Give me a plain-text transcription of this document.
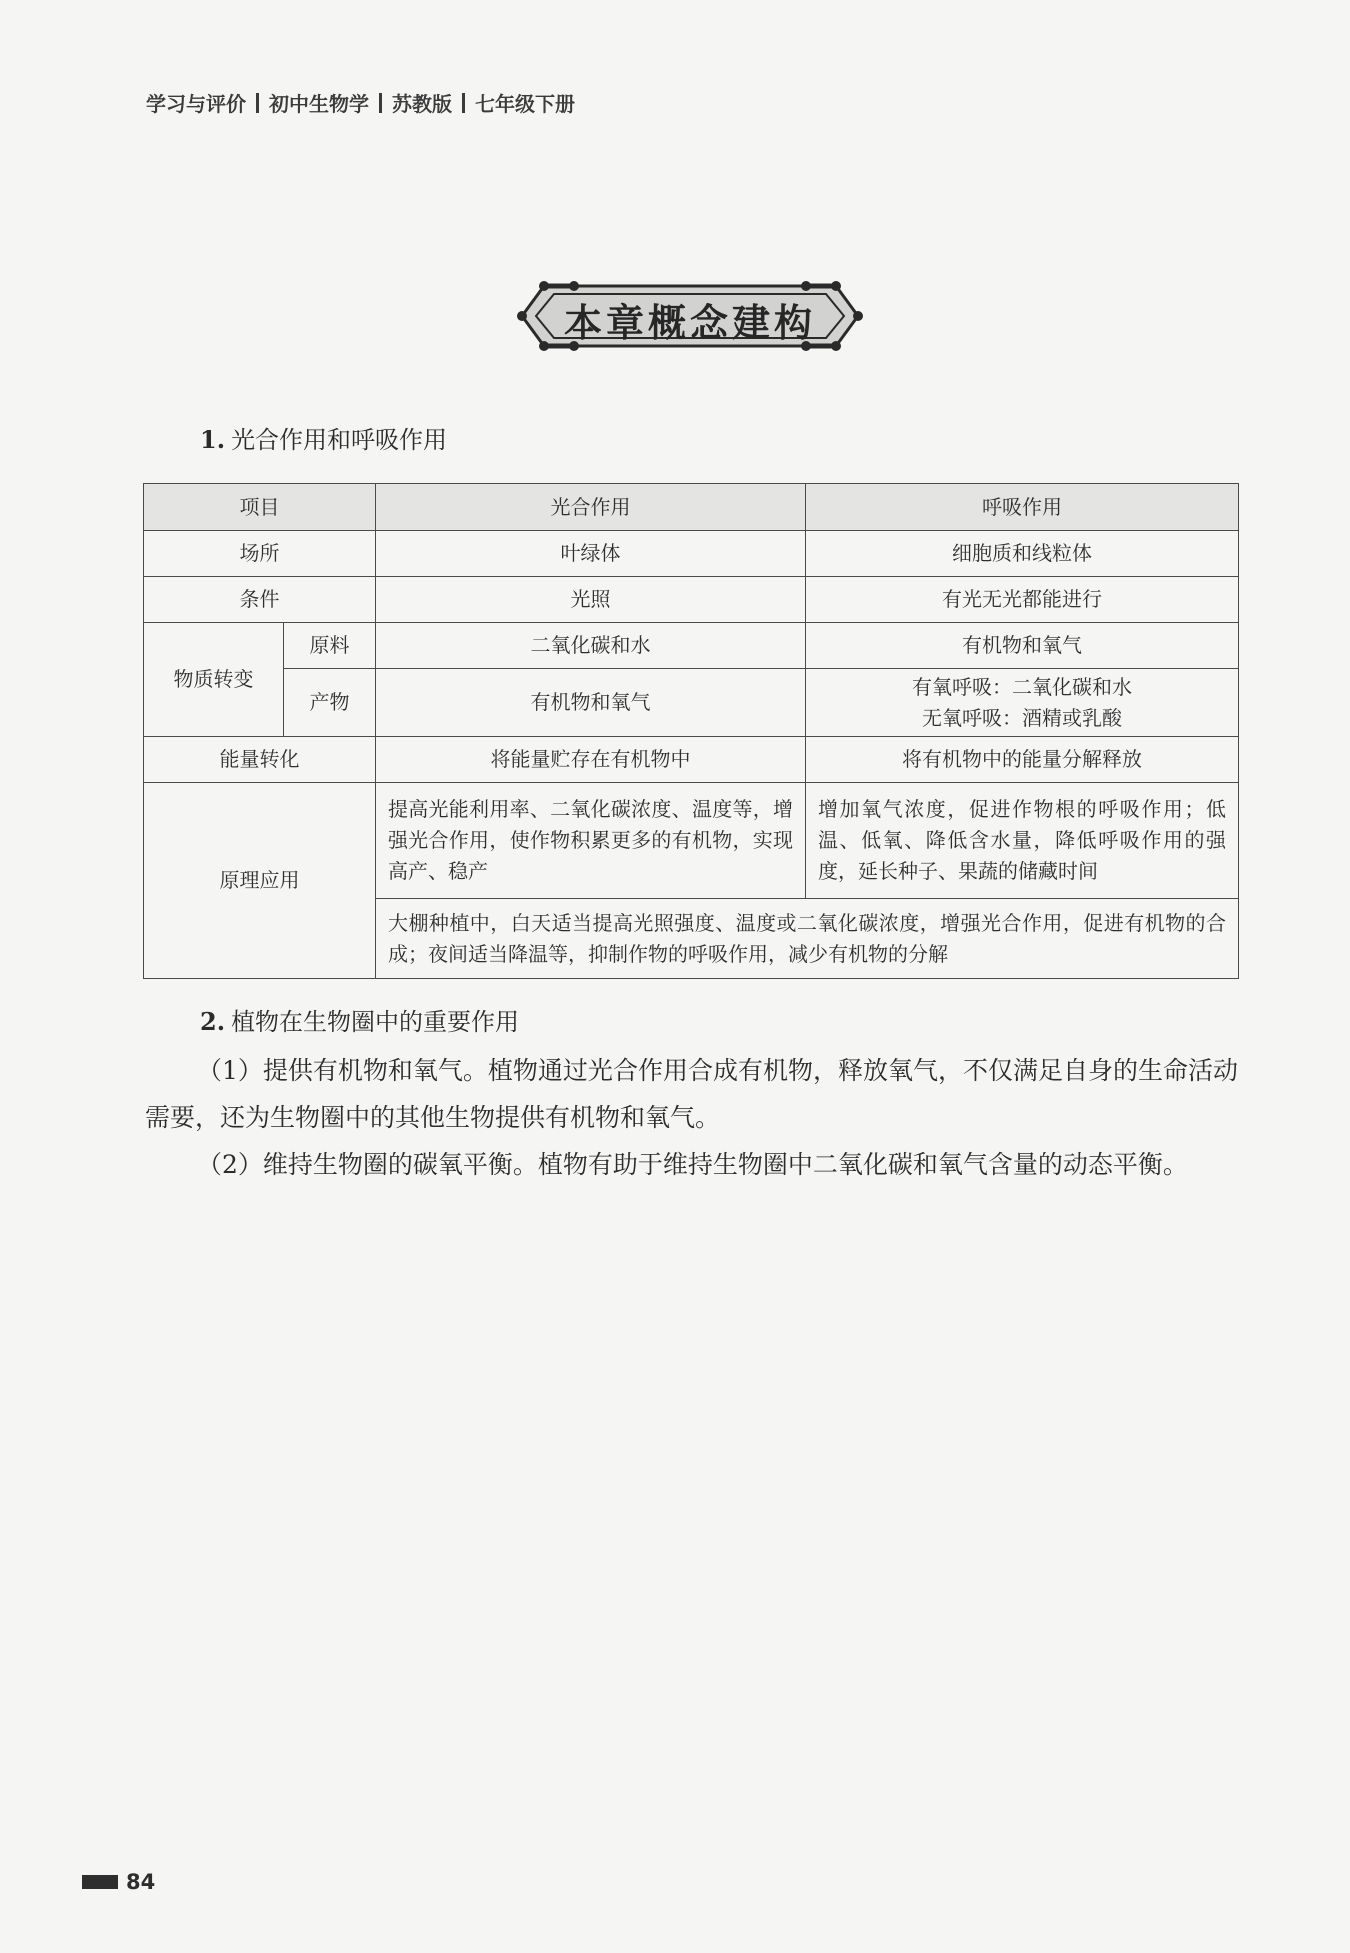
学习与评价 初中生物学 苏教版 七年级下册
本章概念建构
1. 光合作用和呼吸作用
项目		光合作用	呼吸作用
场所		叶绿体	细胞质和线粒体
条件		光照	有光无光都能进行
物质转变	原料	二氧化碳和水	有机物和氧气
	产物	有机物和氧气	有氧呼吸：二氧化碳和水
无氧呼吸：酒精或乳酸

能量转化		将能量贮存在有机物中	将有机物中的能量分解释放
原理应用		提高光能利用率、二氧化碳浓度、温度等，增强光合作用，使作物积累更多的有机物，实现高产、稳产	增加氧气浓度，促进作物根的呼吸作用；低温、低氧、降低含水量，降低呼吸作用的强度，延长种子、果蔬的储藏时间
		大棚种植中，白天适当提高光照强度、温度或二氧化碳浓度，增强光合作用，促进有机物的合成；夜间适当降温等，抑制作物的呼吸作用，减少有机物的分解	
2. 植物在生物圈中的重要作用

（1）提供有机物和氧气。植物通过光合作用合成有机物，释放氧气，不仅满足自身的生命活动需要，还为生物圈中的其他生物提供有机物和氧气。

（2）维持生物圈的碳氧平衡。植物有助于维持生物圈中二氧化碳和氧气含量的动态平衡。

84
